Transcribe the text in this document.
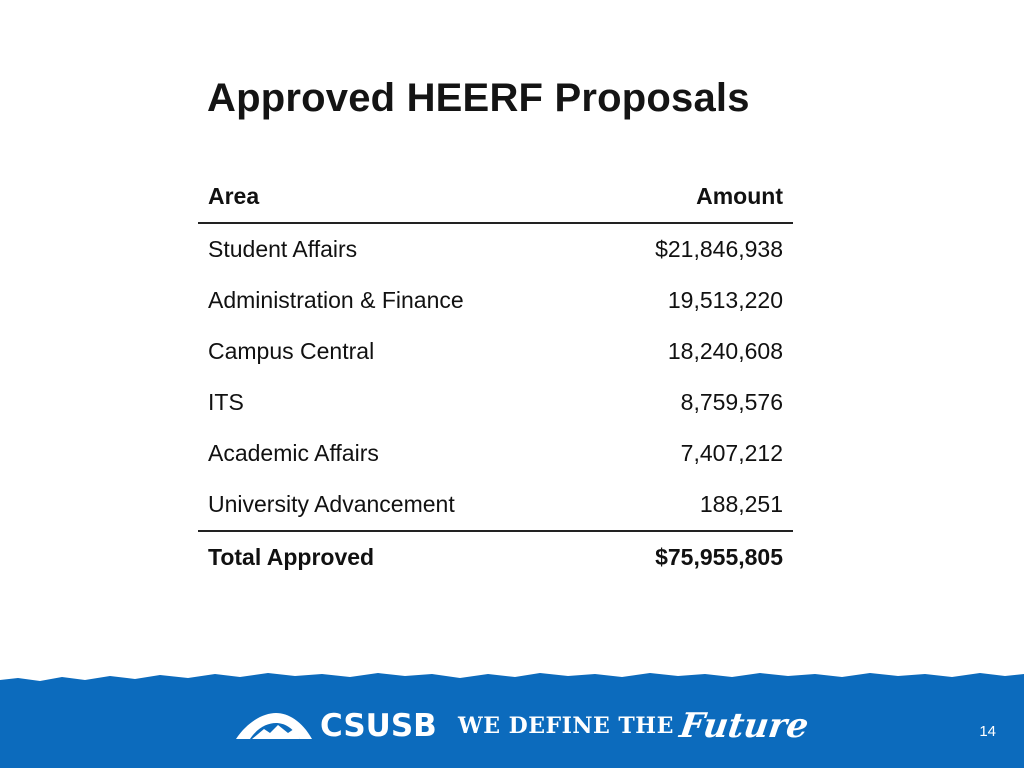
Approved HEERF Proposals
Area	Amount
Student Affairs	$21,846,938
Administration & Finance	19,513,220
Campus Central	18,240,608
ITS	8,759,576
Academic Affairs	7,407,212
University Advancement	188,251
Total Approved	$75,955,805
CSUSB WE DEFINE THE Future	14
